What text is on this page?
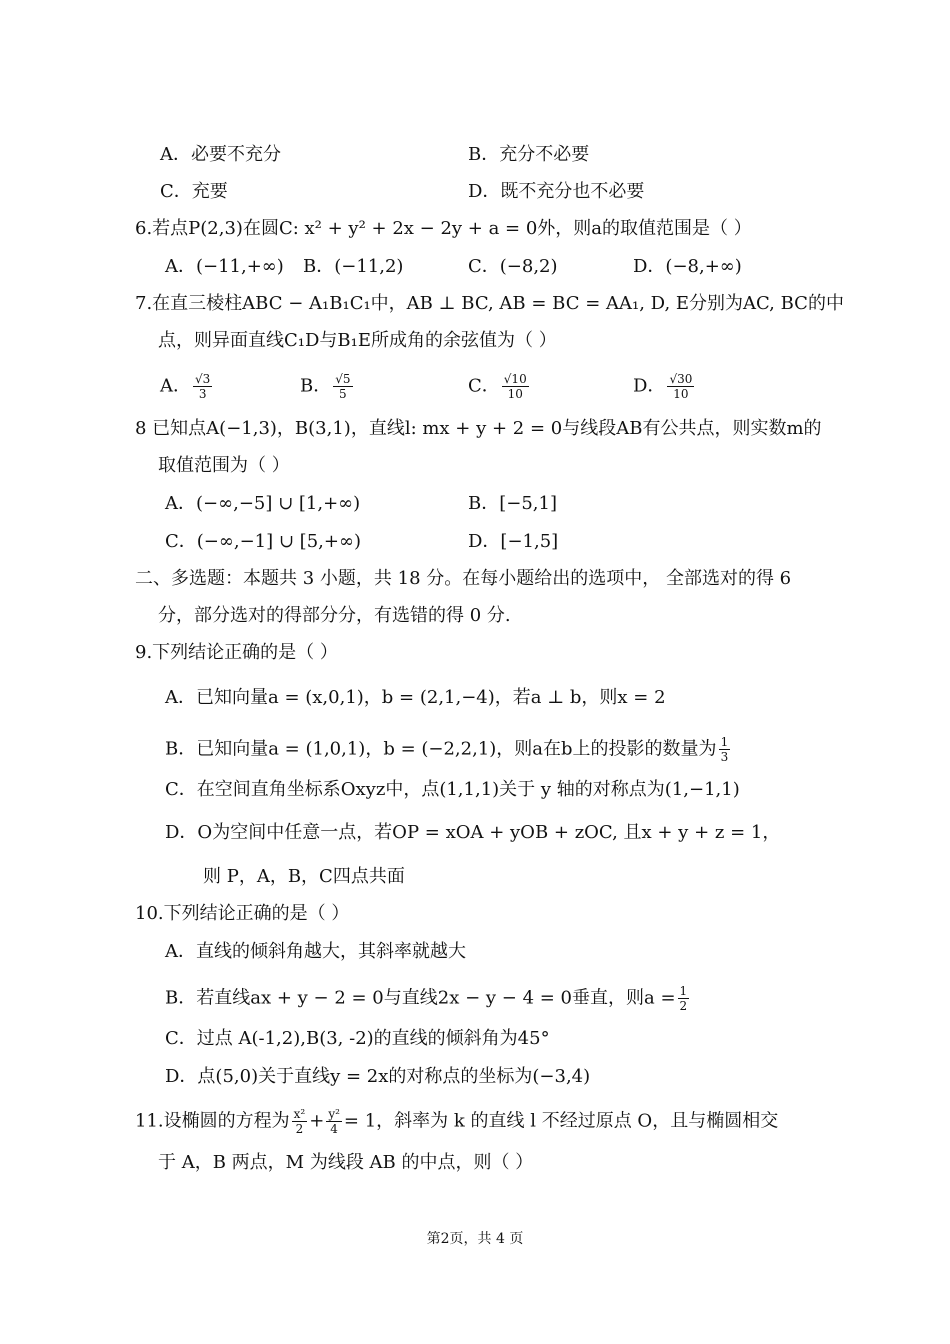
A．必要不充分	B．充分不必要
C．充要	D．既不充分也不必要
6.若点P(2,3)在圆C: x² + y² + 2x − 2y + a = 0外，则a的取值范围是（ ）
A．(−11,+∞) B．(−11,2)	C．(−8,2)	D．(−8,+∞)
7.在直三棱柱ABC − A₁B₁C₁中，AB ⊥ BC, AB = BC = AA₁, D, E分别为AC, BC的中
点，则异面直线C₁D与B₁E所成角的余弦值为（ ）
A． $\frac{√3}{3}$	B． $\frac{√5}{5}$	C． $\frac{√10}{10}$	D． $\frac{√30}{10}$
8 已知点A(−1,3)，B(3,1)，直线l: mx + y + 2 = 0与线段AB有公共点，则实数m的
取值范围为（ ）
A．(−∞,−5] ∪ [1,+∞)	B．[−5,1]
C．(−∞,−1] ∪ [5,+∞)	D．[−1,5]
二、多选题：本题共 3 小题，共 18 分。在每小题给出的选项中， 全部选对的得 6
分，部分选对的得部分分，有选错的得 0 分.
9.下列结论正确的是（ ）
A．已知向量a = (x,0,1)，b = (2,1,−4)，若a ⊥ b，则x = 2
B．已知向量a = (1,0,1)，b = (−2,2,1)，则a在b上的投影的数量为 $\frac{1}{3}$
C．在空间直角坐标系Oxyz中，点(1,1,1)关于 y 轴的对称点为(1,−1,1)
D．O为空间中任意一点，若OP = xOA + yOB + zOC, 且x + y + z = 1，
则 P，A，B，C四点共面
10.下列结论正确的是（ ）
A．直线的倾斜角越大，其斜率就越大
B．若直线ax + y − 2 = 0与直线2x − y − 4 = 0垂直，则$a = \frac{1}{2}$
C．过点 A(-1,2),B(3, -2)的直线的倾斜角为45°
D．点(5,0)关于直线y = 2x的对称点的坐标为(−3,4)
11.设椭圆的方程为 $\frac{\text{x²}}{2} + \frac{\text{y²}}{4} = 1$，斜率为 k 的直线 l 不经过原点 O，且与椭圆相交
于 A，B 两点，M 为线段 AB 的中点，则（ ）
第2页，共 4 页
